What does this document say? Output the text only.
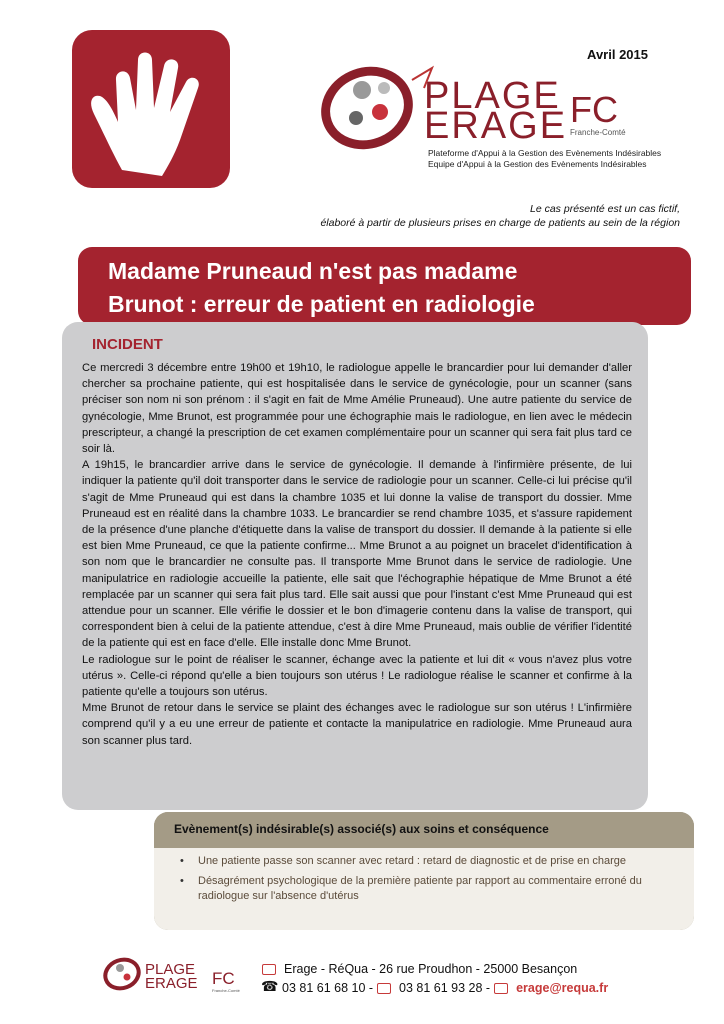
Avril 2015
PLAGE
ERAGE FC
Franche-Comté
Plateforme d'Appui à la Gestion des Evènements Indésirables
Equipe d'Appui à la Gestion des Evènements Indésirables
Le cas présenté est un cas fictif,
élaboré à partir de plusieurs prises en charge de patients au sein de la région
Madame Pruneaud n'est pas madame
Brunot : erreur de patient en radiologie
INCIDENT
Ce mercredi 3 décembre entre 19h00 et 19h10, le radiologue appelle le brancardier pour lui demander d'aller chercher sa prochaine patiente, qui est hospitalisée dans le service de gynécologie, pour un scanner (sans préciser son nom ni son prénom : il s'agit en fait de Mme Amélie Pruneaud). Une autre patiente du service de gynécologie, Mme Brunot, est programmée pour une échographie mais le radiologue, en lien avec le médecin prescripteur, a changé la prescription de cet examen complémentaire pour un scanner qui sera fait plus tard ce soir là.
A 19h15, le brancardier arrive dans le service de gynécologie. Il demande à l'infirmière présente, de lui indiquer la patiente qu'il doit transporter dans le service de radiologie pour un scanner. Celle-ci lui précise qu'il s'agit de Mme Pruneaud qui est dans la chambre 1035 et lui donne la valise de transport du dossier. Mme Pruneaud est en réalité dans la chambre 1033. Le brancardier se rend chambre 1035, et s'assure rapidement de la présence d'une planche d'étiquette dans la valise de transport du dossier. Il demande à la patiente si elle est bien Mme Pruneaud, ce que la patiente confirme... Mme Brunot a au poignet un bracelet d'identification à son nom que le brancardier ne consulte pas. Il transporte Mme Brunot dans le service de radiologie. Une manipulatrice en radiologie accueille la patiente, elle sait que l'échographie hépatique de Mme Brunot a été remplacée par un scanner qui sera fait plus tard. Elle sait aussi que pour l'instant c'est Mme Pruneaud qui est attendue pour un scanner. Elle vérifie le dossier et le bon d'imagerie contenu dans la valise de transport, qui correspondent bien à celui de la patiente attendue, c'est à dire Mme Pruneaud, mais oublie de vérifier l'identité de la patiente qui est en face d'elle. Elle installe donc Mme Brunot.
Le radiologue sur le point de réaliser le scanner, échange avec la patiente et lui dit « vous n'avez plus votre utérus ». Celle-ci répond qu'elle a bien toujours son utérus ! Le radiologue réalise le scanner et confirme à la patiente qu'elle a toujours son utérus.
Mme Brunot de retour dans le service se plaint des échanges avec le radiologue sur son utérus ! L'infirmière comprend qu'il y a eu une erreur de patiente et contacte la manipulatrice en radiologie. Mme Pruneaud aura son scanner plus tard.
Evènement(s) indésirable(s) associé(s) aux soins et conséquence
• Une patiente passe son scanner avec retard : retard de diagnostic et de prise en charge
• Désagrément psychologique de la première patiente par rapport au commentaire erroné du radiologue sur l'absence d'utérus
PLAGE
ERAGE FC
Franche-Comté
Erage - RéQua - 26 rue Proudhon - 25000 Besançon
☎
03 81 61 68 10 - 03 81 61 93 28 - erage@requa.fr
